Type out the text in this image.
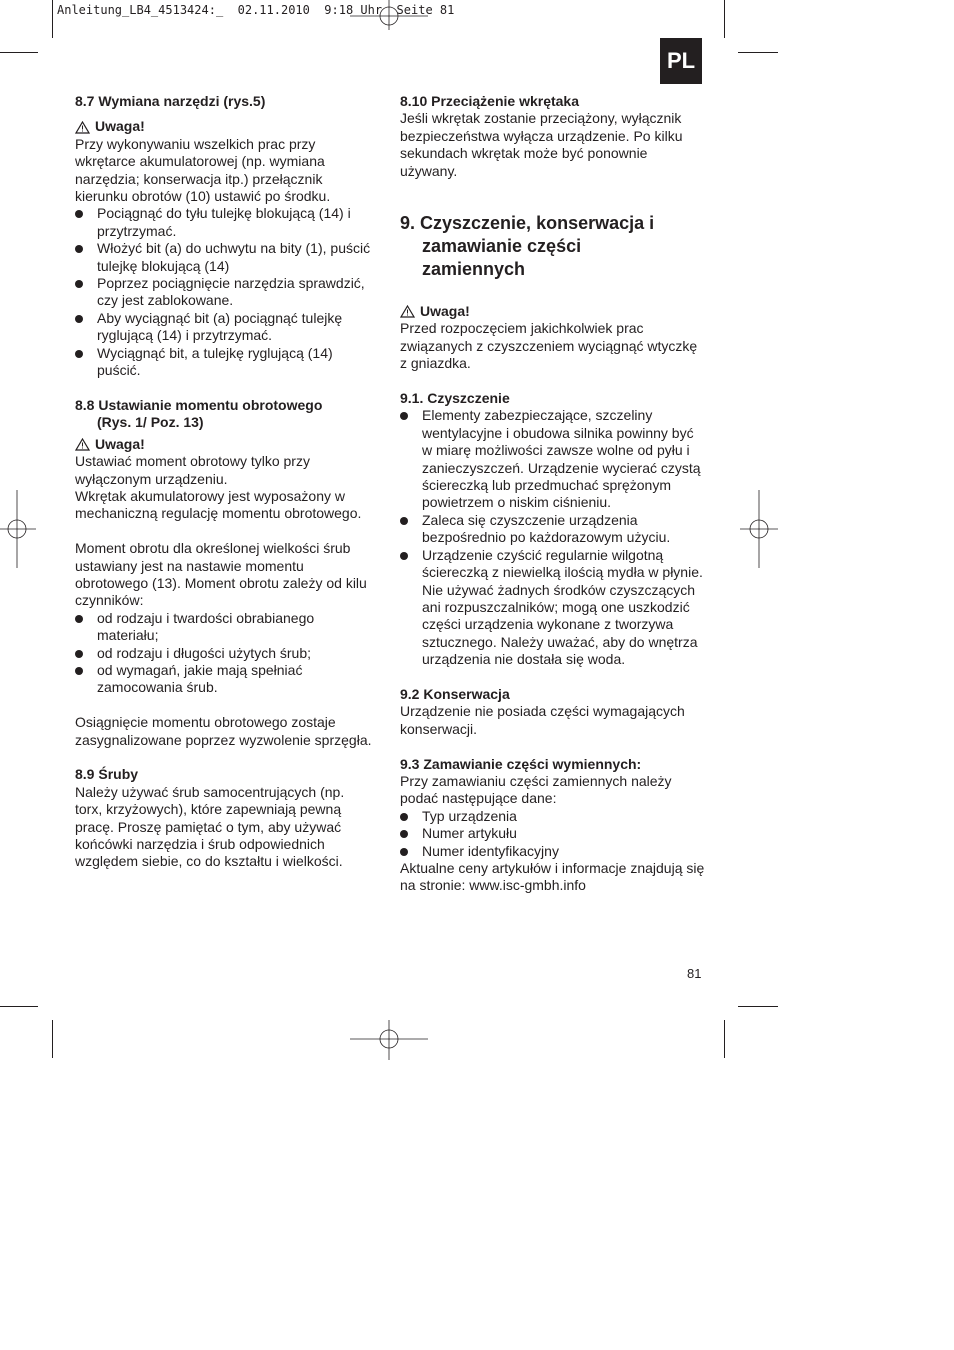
Anleitung_LB4_4513424:_  02.11.2010  9:18 Uhr  Seite 81
PL

8.7 Wymiana narzędzi (rys.5)

Uwaga!

Przy wykonywaniu wszelkich prac przy wkrętarce akumulatorowej (np. wymiana narzędzia; konserwacja itp.) przełącznik kierunku obrotów (10) ustawić po środku.

Pociągnąć do tyłu tulejkę blokującą (14) i przytrzymać.
Włożyć bit (a) do uchwytu na bity (1), puścić tulejkę blokującą (14)
Poprzez pociągnięcie narzędzia sprawdzić, czy jest zablokowane.
Aby wyciągnąć bit (a) pociągnąć tulejkę ryglującą (14) i przytrzymać.
Wyciągnąć bit, a tulejkę ryglującą (14) puścić.

8.8 Ustawianie momentu obrotowego

(Rys. 1/ Poz. 13)

Uwaga!

Ustawiać moment obrotowy tylko przy wyłączonym urządzeniu.

Wkrętak akumulatorowy jest wyposażony w mechaniczną regulację momentu obrotowego.

Moment obrotu dla określonej wielkości śrub ustawiany jest na nastawie momentu obrotowego (13). Moment obrotu zależy od kilu czynników:

od rodzaju i twardości obrabianego materiału;
od rodzaju i długości użytych śrub;
od wymagań, jakie mają spełniać zamocowania śrub.

Osiągnięcie momentu obrotowego zostaje zasygnalizowane poprzez wyzwolenie sprzęgła.

8.9 Śruby

Należy używać śrub samocentrujących (np. torx, krzyżowych), które zapewniają pewną pracę. Proszę pamiętać o tym, aby używać końcówki narzędzia i śrub odpowiednich względem siebie, co do kształtu i wielkości.

8.10 Przeciążenie wkrętaka

Jeśli wkrętak zostanie przeciążony, wyłącznik bezpieczeństwa wyłącza urządzenie. Po kilku sekundach wkrętak może być ponownie używany.

9. Czyszczenie, konserwacja i

zamawianie części

zamiennych

Uwaga!

Przed rozpoczęciem jakichkolwiek prac związanych z czyszczeniem wyciągnąć wtyczkę z gniazdka.

9.1. Czyszczenie

Elementy zabezpieczające, szczeliny wentylacyjne i obudowa silnika powinny być w miarę możliwości zawsze wolne od pyłu i zanieczyszczeń. Urządzenie wycierać czystą ściereczką lub przedmuchać sprężonym powietrzem o niskim ciśnieniu.
Zaleca się czyszczenie urządzenia bezpośrednio po każdorazowym użyciu.
Urządzenie czyścić regularnie wilgotną ściereczką z niewielką ilością mydła w płynie. Nie używać żadnych środków czyszczących ani rozpuszczalników; mogą one uszkodzić części urządzenia wykonane z tworzywa sztucznego. Należy uważać, aby do wnętrza urządzenia nie dostała się woda.

9.2 Konserwacja

Urządzenie nie posiada części wymagających konserwacji.

9.3 Zamawianie części wymiennych:

Przy zamawianiu części zamiennych należy podać następujące dane:

Typ urządzenia
Numer artykułu
Numer identyfikacyjny

Aktualne ceny artykułów i informacje znajdują się na stronie: www.isc-gmbh.info

81
